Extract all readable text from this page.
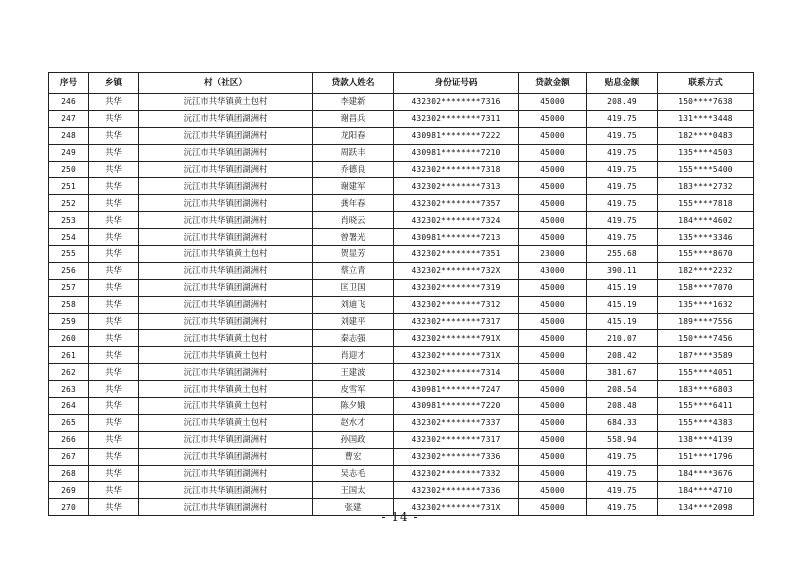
序号	乡镇	村（社区）	贷款人姓名	身份证号码	贷款金额	贴息金额	联系方式
246	共华	沅江市共华镇黄土包村	李建新	432302********7316	45000	208.49	150****7638
247	共华	沅江市共华镇团湖洲村	谢昌兵	432302********7311	45000	419.75	131****3448
248	共华	沅江市共华镇团湖洲村	龙阳春	430981********7222	45000	419.75	182****0483
249	共华	沅江市共华镇团湖洲村	周跃丰	430981********7210	45000	419.75	135****4503
250	共华	沅江市共华镇团湖洲村	乔德良	432302********7318	45000	419.75	155****5400
251	共华	沅江市共华镇团湖洲村	谢建军	432302********7313	45000	419.75	183****2732
252	共华	沅江市共华镇团湖洲村	龚年春	432302********7357	45000	419.75	155****7818
253	共华	沅江市共华镇团湖洲村	肖晓云	432302********7324	45000	419.75	184****4602
254	共华	沅江市共华镇团湖洲村	曾署光	430981********7213	45000	419.75	135****3346
255	共华	沅江市共华镇黄土包村	贺显芳	432302********7351	23000	255.68	155****8670
256	共华	沅江市共华镇团湖洲村	蔡立青	432302********732X	43000	390.11	182****2232
257	共华	沅江市共华镇团湖洲村	匡卫国	432302********7319	45000	415.19	158****7070
258	共华	沅江市共华镇团湖洲村	刘迪飞	432302********7312	45000	415.19	135****1632
259	共华	沅江市共华镇团湖洲村	刘建平	432302********7317	45000	415.19	189****7556
260	共华	沅江市共华镇黄土包村	秦志强	432302********791X	45000	210.07	150****7456
261	共华	沅江市共华镇黄土包村	肖迎才	432302********731X	45000	208.42	187****3589
262	共华	沅江市共华镇团湖洲村	王建波	432302********7314	45000	381.67	155****4051
263	共华	沅江市共华镇黄土包村	皮雪军	430981********7247	45000	208.54	183****6803
264	共华	沅江市共华镇黄土包村	陈夕娥	430981********7220	45000	208.48	155****6411
265	共华	沅江市共华镇黄土包村	赵水才	432302********7337	45000	684.33	155****4383
266	共华	沅江市共华镇团湖洲村	孙国政	432302********7317	45000	558.94	138****4139
267	共华	沅江市共华镇团湖洲村	曹宏	432302********7336	45000	419.75	151****1796
268	共华	沅江市共华镇团湖洲村	吴志毛	432302********7332	45000	419.75	184****3676
269	共华	沅江市共华镇团湖洲村	王国太	432302********7336	45000	419.75	184****4710
270	共华	沅江市共华镇团湖洲村	张建	432302********731X	45000	419.75	134****2098
- 14 -
